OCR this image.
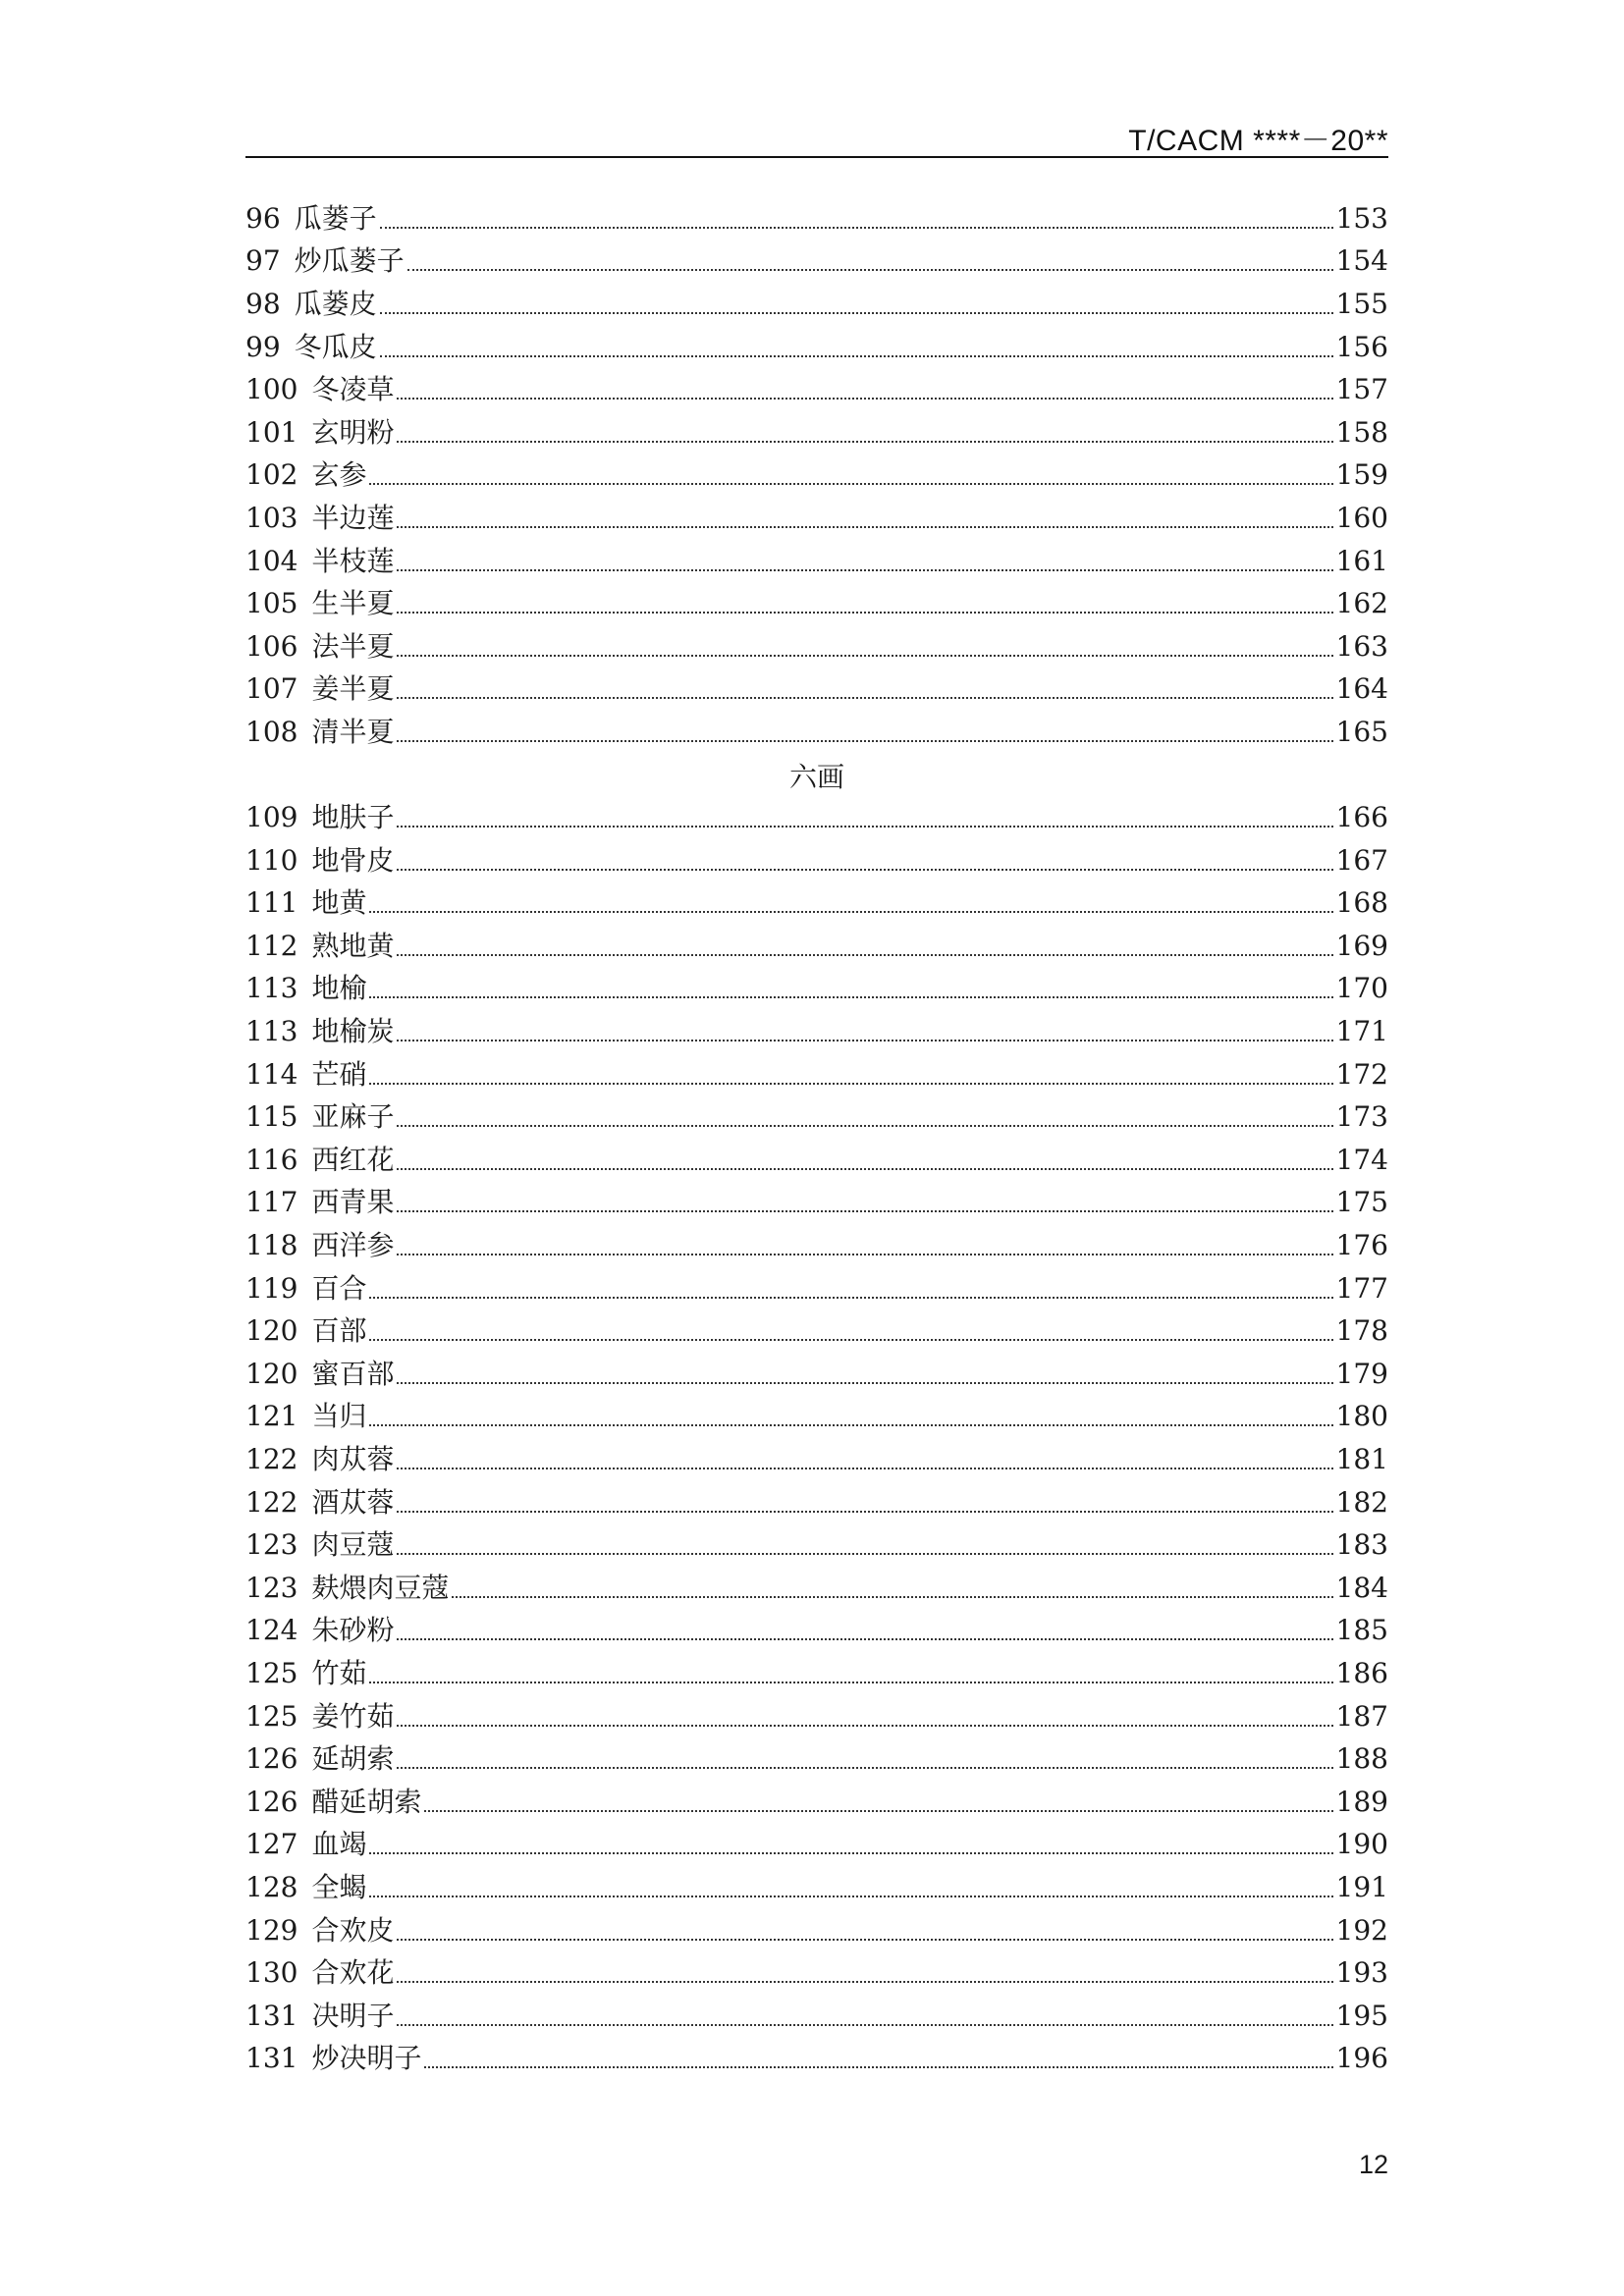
T/CACM ****－20**
96 瓜蒌子	153
97 炒瓜蒌子	154
98 瓜蒌皮	155
99 冬瓜皮	156
100 冬凌草	157
101 玄明粉	158
102 玄参	159
103 半边莲	160
104 半枝莲	161
105 生半夏	162
106 法半夏	163
107 姜半夏	164
108 清半夏	165
六画
109 地肤子	166
110 地骨皮	167
111 地黄	168
112 熟地黄	169
113 地榆	170
113 地榆炭	171
114 芒硝	172
115 亚麻子	173
116 西红花	174
117 西青果	175
118 西洋参	176
119 百合	177
120 百部	178
120 蜜百部	179
121 当归	180
122 肉苁蓉	181
122 酒苁蓉	182
123 肉豆蔻	183
123 麸煨肉豆蔻	184
124 朱砂粉	185
125 竹茹	186
125 姜竹茹	187
126 延胡索	188
126 醋延胡索	189
127 血竭	190
128 全蝎	191
129 合欢皮	192
130 合欢花	193
131 决明子	195
131 炒决明子	196
12
